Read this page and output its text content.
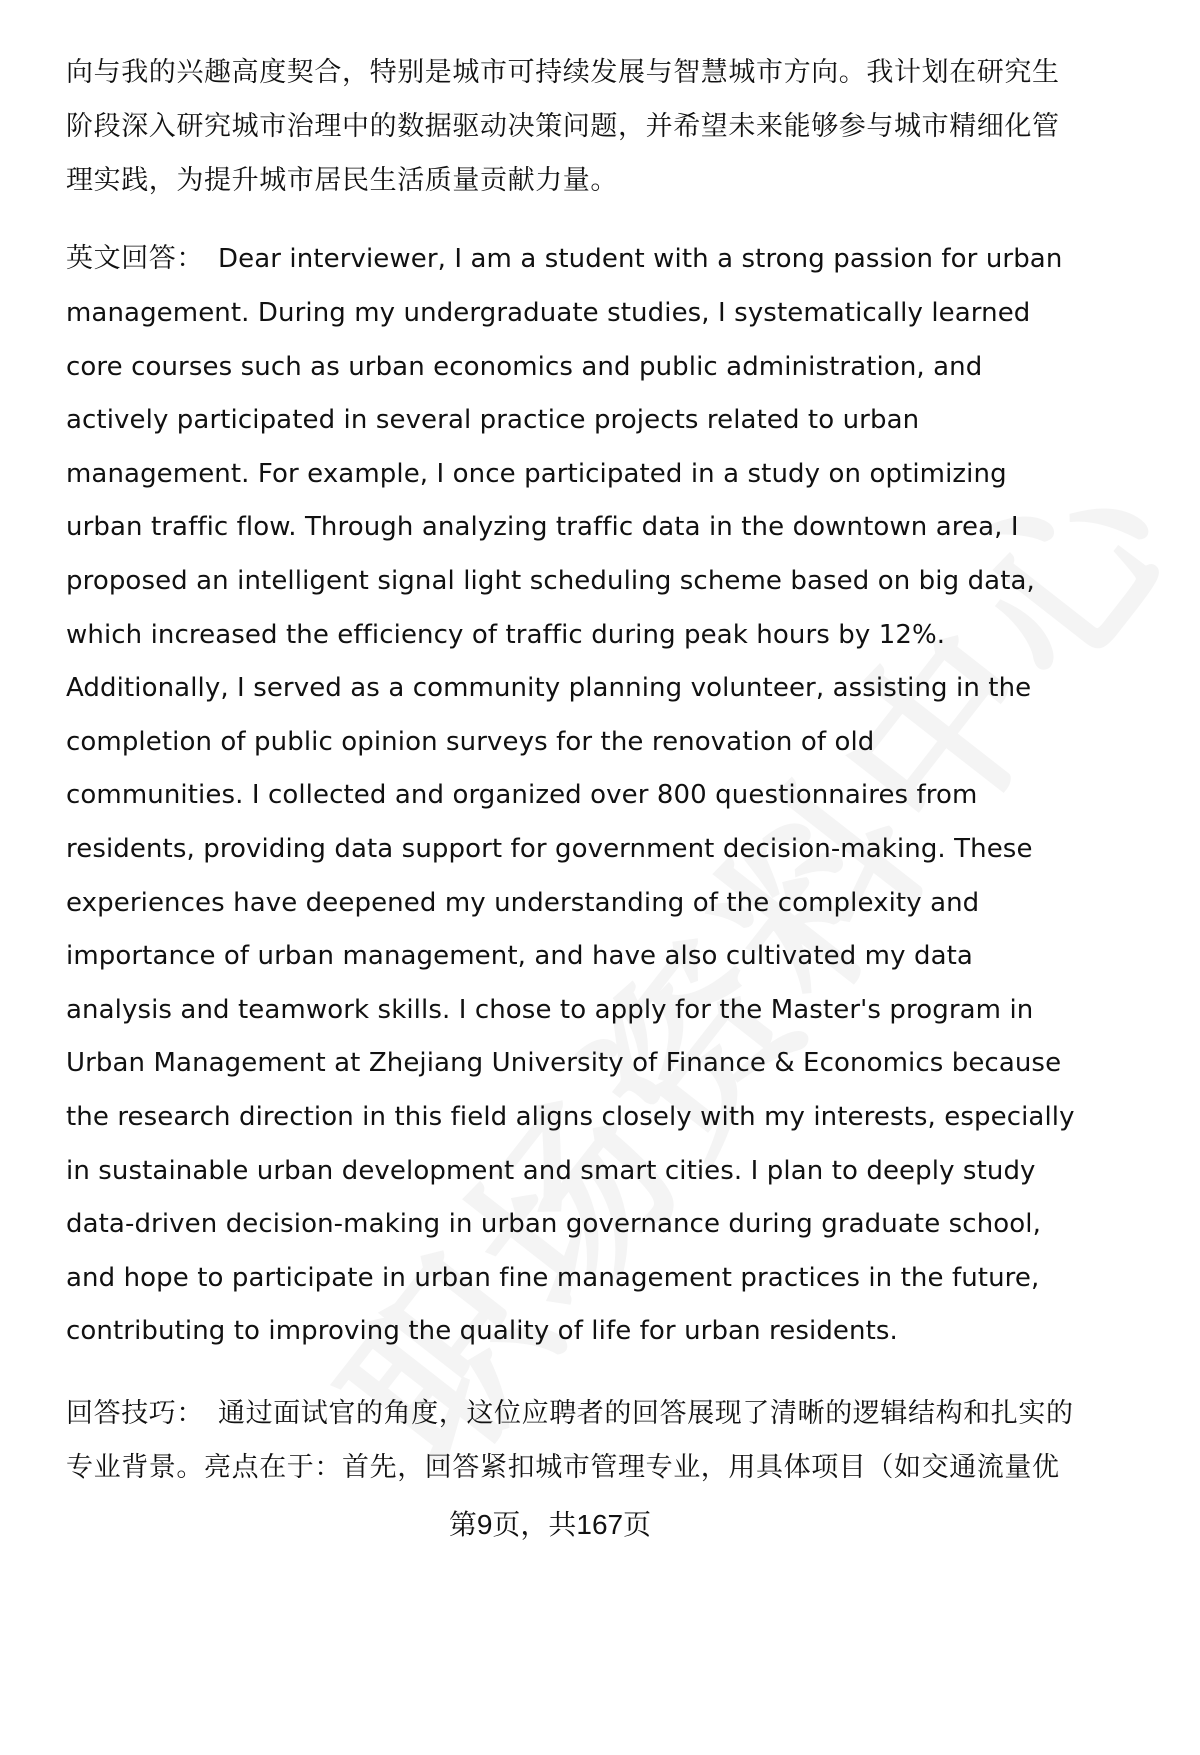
向与我的兴趣高度契合，特别是城市可持续发展与智慧城市方向。我计划在研究生
阶段深入研究城市治理中的数据驱动决策问题，并希望未来能够参与城市精细化管
理实践，为提升城市居民生活质量贡献力量。
英文回答： Dear interviewer, I am a student with a strong passion for urban
management. During my undergraduate studies, I systematically learned
core courses such as urban economics and public administration, and
actively participated in several practice projects related to urban
management. For example, I once participated in a study on optimizing
urban traffic flow. Through analyzing traffic data in the downtown area, I
proposed an intelligent signal light scheduling scheme based on big data,
which increased the efficiency of traffic during peak hours by 12%.
Additionally, I served as a community planning volunteer, assisting in the
completion of public opinion surveys for the renovation of old
communities. I collected and organized over 800 questionnaires from
residents, providing data support for government decision-making. These
experiences have deepened my understanding of the complexity and
importance of urban management, and have also cultivated my data
analysis and teamwork skills. I chose to apply for the Master's program in
Urban Management at Zhejiang University of Finance & Economics because
the research direction in this field aligns closely with my interests, especially
in sustainable urban development and smart cities. I plan to deeply study
data-driven decision-making in urban governance during graduate school,
and hope to participate in urban fine management practices in the future,
contributing to improving the quality of life for urban residents.
回答技巧： 通过面试官的角度，这位应聘者的回答展现了清晰的逻辑结构和扎实的
专业背景。亮点在于：首先，回答紧扣城市管理专业，用具体项目（如交通流量优
第9页，共167页
